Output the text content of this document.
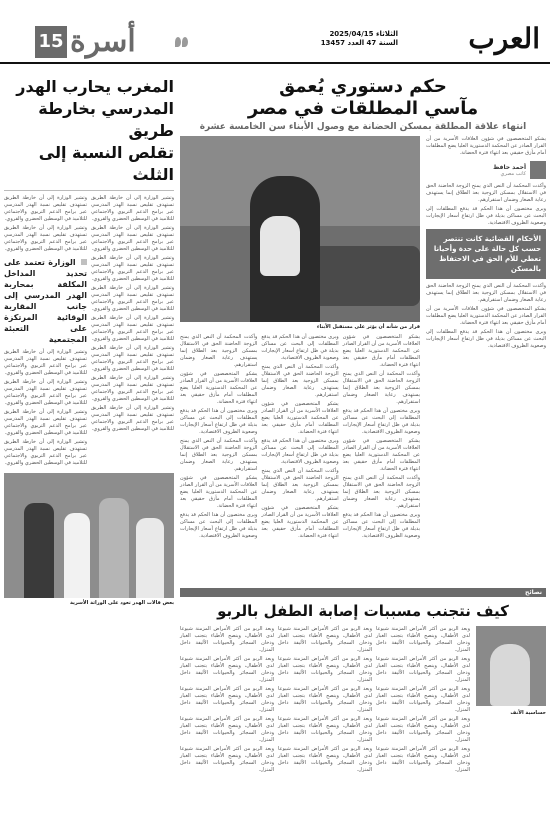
العرب
الثلاثاء 2025/04/15
السنة 47 العدد 13457
أسرة
15
حكم دستوري يُعمق
مآسي المطلقات في مصر
انتهاء علاقة المطلقة بمسكن الحضانة مع وصول الأبناء سن الخامسة عشرة
قرار من شأنه أن يؤثر على مستقبل الأبناء

يشكو المتخصصون في شؤون العلاقات الأسرية من أن القرار الصادر عن المحكمة الدستورية العليا يضع المطلقات أمام مأزق حقيقي بعد انتهاء فترة الحضانة.

أحمد حافظ
كاتب مصري

وأكدت المحكمة أن النص الذي يمنح الزوجة الحاضنة الحق في الاستقلال بمسكن الزوجية بعد الطلاق إنما يستهدف رعاية الصغار وضمان استقرارهم.

ويرى مختصون أن هذا الحكم قد يدفع المطلقات إلى البحث عن مساكن بديلة في ظل ارتفاع أسعار الإيجارات وصعوبة الظروف الاقتصادية.

الأحكام القضائية كانت تنتصر حسب كل حالة على حدة وأحيانا تعطي للأم الحق في الاحتفاظ بالمسكن

وأكدت المحكمة أن النص الذي يمنح الزوجة الحاضنة الحق في الاستقلال بمسكن الزوجية بعد الطلاق إنما يستهدف رعاية الصغار وضمان استقرارهم.

يشكو المتخصصون في شؤون العلاقات الأسرية من أن القرار الصادر عن المحكمة الدستورية العليا يضع المطلقات أمام مأزق حقيقي بعد انتهاء فترة الحضانة.

ويرى مختصون أن هذا الحكم قد يدفع المطلقات إلى البحث عن مساكن بديلة في ظل ارتفاع أسعار الإيجارات وصعوبة الظروف الاقتصادية.

يشكو المتخصصون في شؤون العلاقات الأسرية من أن القرار الصادر عن المحكمة الدستورية العليا يضع المطلقات أمام مأزق حقيقي بعد انتهاء فترة الحضانة.

وأكدت المحكمة أن النص الذي يمنح الزوجة الحاضنة الحق في الاستقلال بمسكن الزوجية بعد الطلاق إنما يستهدف رعاية الصغار وضمان استقرارهم.

ويرى مختصون أن هذا الحكم قد يدفع المطلقات إلى البحث عن مساكن بديلة في ظل ارتفاع أسعار الإيجارات وصعوبة الظروف الاقتصادية.

يشكو المتخصصون في شؤون العلاقات الأسرية من أن القرار الصادر عن المحكمة الدستورية العليا يضع المطلقات أمام مأزق حقيقي بعد انتهاء فترة الحضانة.

وأكدت المحكمة أن النص الذي يمنح الزوجة الحاضنة الحق في الاستقلال بمسكن الزوجية بعد الطلاق إنما يستهدف رعاية الصغار وضمان استقرارهم.

ويرى مختصون أن هذا الحكم قد يدفع المطلقات إلى البحث عن مساكن بديلة في ظل ارتفاع أسعار الإيجارات وصعوبة الظروف الاقتصادية.

ويرى مختصون أن هذا الحكم قد يدفع المطلقات إلى البحث عن مساكن بديلة في ظل ارتفاع أسعار الإيجارات وصعوبة الظروف الاقتصادية.

وأكدت المحكمة أن النص الذي يمنح الزوجة الحاضنة الحق في الاستقلال بمسكن الزوجية بعد الطلاق إنما يستهدف رعاية الصغار وضمان استقرارهم.

يشكو المتخصصون في شؤون العلاقات الأسرية من أن القرار الصادر عن المحكمة الدستورية العليا يضع المطلقات أمام مأزق حقيقي بعد انتهاء فترة الحضانة.

ويرى مختصون أن هذا الحكم قد يدفع المطلقات إلى البحث عن مساكن بديلة في ظل ارتفاع أسعار الإيجارات وصعوبة الظروف الاقتصادية.

وأكدت المحكمة أن النص الذي يمنح الزوجة الحاضنة الحق في الاستقلال بمسكن الزوجية بعد الطلاق إنما يستهدف رعاية الصغار وضمان استقرارهم.

يشكو المتخصصون في شؤون العلاقات الأسرية من أن القرار الصادر عن المحكمة الدستورية العليا يضع المطلقات أمام مأزق حقيقي بعد انتهاء فترة الحضانة.

وأكدت المحكمة أن النص الذي يمنح الزوجة الحاضنة الحق في الاستقلال بمسكن الزوجية بعد الطلاق إنما يستهدف رعاية الصغار وضمان استقرارهم.

يشكو المتخصصون في شؤون العلاقات الأسرية من أن القرار الصادر عن المحكمة الدستورية العليا يضع المطلقات أمام مأزق حقيقي بعد انتهاء فترة الحضانة.

ويرى مختصون أن هذا الحكم قد يدفع المطلقات إلى البحث عن مساكن بديلة في ظل ارتفاع أسعار الإيجارات وصعوبة الظروف الاقتصادية.

وأكدت المحكمة أن النص الذي يمنح الزوجة الحاضنة الحق في الاستقلال بمسكن الزوجية بعد الطلاق إنما يستهدف رعاية الصغار وضمان استقرارهم.

يشكو المتخصصون في شؤون العلاقات الأسرية من أن القرار الصادر عن المحكمة الدستورية العليا يضع المطلقات أمام مأزق حقيقي بعد انتهاء فترة الحضانة.

ويرى مختصون أن هذا الحكم قد يدفع المطلقات إلى البحث عن مساكن بديلة في ظل ارتفاع أسعار الإيجارات وصعوبة الظروف الاقتصادية.

المغرب يحارب الهدر
المدرسي بخارطة طريق
تقلص النسبة إلى الثلث

وتشير الوزارة إلى أن خارطة الطريق تستهدف تقليص نسبة الهدر المدرسي عبر برامج الدعم التربوي والاجتماعي للتلاميذ في الوسطين الحضري والقروي.

وتشير الوزارة إلى أن خارطة الطريق تستهدف تقليص نسبة الهدر المدرسي عبر برامج الدعم التربوي والاجتماعي للتلاميذ في الوسطين الحضري والقروي.

وتشير الوزارة إلى أن خارطة الطريق تستهدف تقليص نسبة الهدر المدرسي عبر برامج الدعم التربوي والاجتماعي للتلاميذ في الوسطين الحضري والقروي.

وتشير الوزارة إلى أن خارطة الطريق تستهدف تقليص نسبة الهدر المدرسي عبر برامج الدعم التربوي والاجتماعي للتلاميذ في الوسطين الحضري والقروي.

وتشير الوزارة إلى أن خارطة الطريق تستهدف تقليص نسبة الهدر المدرسي عبر برامج الدعم التربوي والاجتماعي للتلاميذ في الوسطين الحضري والقروي.

وتشير الوزارة إلى أن خارطة الطريق تستهدف تقليص نسبة الهدر المدرسي عبر برامج الدعم التربوي والاجتماعي للتلاميذ في الوسطين الحضري والقروي.

وتشير الوزارة إلى أن خارطة الطريق تستهدف تقليص نسبة الهدر المدرسي عبر برامج الدعم التربوي والاجتماعي للتلاميذ في الوسطين الحضري والقروي.

وتشير الوزارة إلى أن خارطة الطريق تستهدف تقليص نسبة الهدر المدرسي عبر برامج الدعم التربوي والاجتماعي للتلاميذ في الوسطين الحضري والقروي.

وتشير الوزارة إلى أن خارطة الطريق تستهدف تقليص نسبة الهدر المدرسي عبر برامج الدعم التربوي والاجتماعي للتلاميذ في الوسطين الحضري والقروي.

وتشير الوزارة إلى أن خارطة الطريق تستهدف تقليص نسبة الهدر المدرسي عبر برامج الدعم التربوي والاجتماعي للتلاميذ في الوسطين الحضري والقروي.

الوزارة تعتمد على تحديد المداخل المكلفة بمحاربة الهدر المدرسي إلى جانب المقاربة الوقائية المرتكزة على التعبئة المجتمعية

وتشير الوزارة إلى أن خارطة الطريق تستهدف تقليص نسبة الهدر المدرسي عبر برامج الدعم التربوي والاجتماعي للتلاميذ في الوسطين الحضري والقروي.

وتشير الوزارة إلى أن خارطة الطريق تستهدف تقليص نسبة الهدر المدرسي عبر برامج الدعم التربوي والاجتماعي للتلاميذ في الوسطين الحضري والقروي.

وتشير الوزارة إلى أن خارطة الطريق تستهدف تقليص نسبة الهدر المدرسي عبر برامج الدعم التربوي والاجتماعي للتلاميذ في الوسطين الحضري والقروي.

وتشير الوزارة إلى أن خارطة الطريق تستهدف تقليص نسبة الهدر المدرسي عبر برامج الدعم التربوي والاجتماعي للتلاميذ في الوسطين الحضري والقروي.

بعض قالات الهدر تعود على الوراثة الأسرية
نصائح
كيف نتجنب مسببات إصابة الطفل بالربو

ويعد الربو من أكثر الأمراض المزمنة شيوعا لدى الأطفال، وينصح الأطباء بتجنب الغبار ودخان السجائر والحيوانات الأليفة داخل المنزل.

ويعد الربو من أكثر الأمراض المزمنة شيوعا لدى الأطفال، وينصح الأطباء بتجنب الغبار ودخان السجائر والحيوانات الأليفة داخل المنزل.

ويعد الربو من أكثر الأمراض المزمنة شيوعا لدى الأطفال، وينصح الأطباء بتجنب الغبار ودخان السجائر والحيوانات الأليفة داخل المنزل.

ويعد الربو من أكثر الأمراض المزمنة شيوعا لدى الأطفال، وينصح الأطباء بتجنب الغبار ودخان السجائر والحيوانات الأليفة داخل المنزل.

ويعد الربو من أكثر الأمراض المزمنة شيوعا لدى الأطفال، وينصح الأطباء بتجنب الغبار ودخان السجائر والحيوانات الأليفة داخل المنزل.

ويعد الربو من أكثر الأمراض المزمنة شيوعا لدى الأطفال، وينصح الأطباء بتجنب الغبار ودخان السجائر والحيوانات الأليفة داخل المنزل.

ويعد الربو من أكثر الأمراض المزمنة شيوعا لدى الأطفال، وينصح الأطباء بتجنب الغبار ودخان السجائر والحيوانات الأليفة داخل المنزل.

ويعد الربو من أكثر الأمراض المزمنة شيوعا لدى الأطفال، وينصح الأطباء بتجنب الغبار ودخان السجائر والحيوانات الأليفة داخل المنزل.

ويعد الربو من أكثر الأمراض المزمنة شيوعا لدى الأطفال، وينصح الأطباء بتجنب الغبار ودخان السجائر والحيوانات الأليفة داخل المنزل.

ويعد الربو من أكثر الأمراض المزمنة شيوعا لدى الأطفال، وينصح الأطباء بتجنب الغبار ودخان السجائر والحيوانات الأليفة داخل المنزل.

ويعد الربو من أكثر الأمراض المزمنة شيوعا لدى الأطفال، وينصح الأطباء بتجنب الغبار ودخان السجائر والحيوانات الأليفة داخل المنزل.

ويعد الربو من أكثر الأمراض المزمنة شيوعا لدى الأطفال، وينصح الأطباء بتجنب الغبار ودخان السجائر والحيوانات الأليفة داخل المنزل.

ويعد الربو من أكثر الأمراض المزمنة شيوعا لدى الأطفال، وينصح الأطباء بتجنب الغبار ودخان السجائر والحيوانات الأليفة داخل المنزل.

ويعد الربو من أكثر الأمراض المزمنة شيوعا لدى الأطفال، وينصح الأطباء بتجنب الغبار ودخان السجائر والحيوانات الأليفة داخل المنزل.

ويعد الربو من أكثر الأمراض المزمنة شيوعا لدى الأطفال، وينصح الأطباء بتجنب الغبار ودخان السجائر والحيوانات الأليفة داخل المنزل.

حساسية الأنف
